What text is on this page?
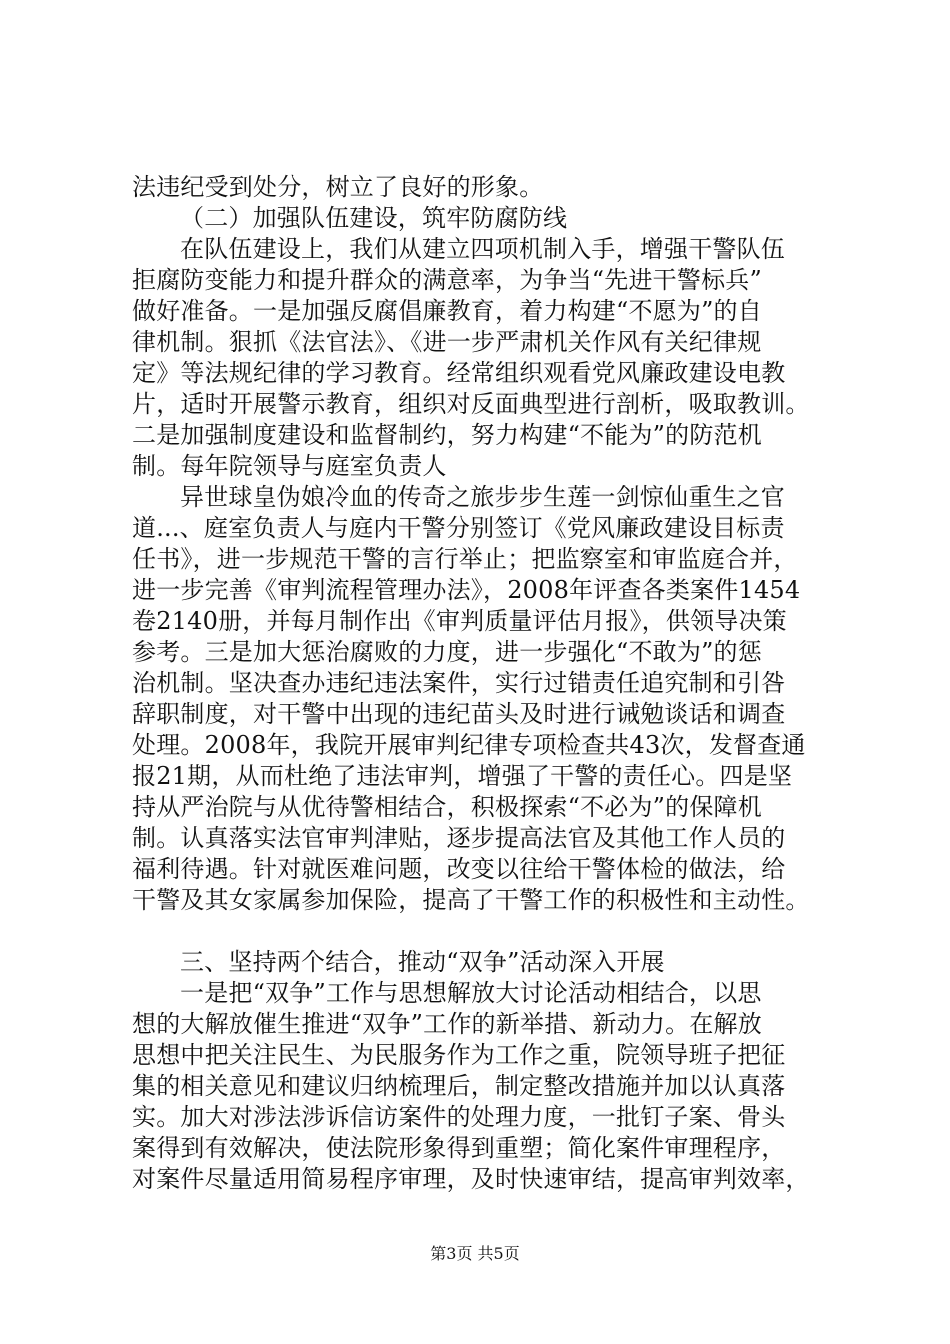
法违纪受到处分，树立了良好的形象。
（二）加强队伍建设，筑牢防腐防线
在队伍建设上，我们从建立四项机制入手，增强干警队伍
拒腐防变能力和提升群众的满意率，为争当“先进干警标兵”
做好准备。一是加强反腐倡廉教育，着力构建“不愿为”的自
律机制。狠抓《法官法》、《进一步严肃机关作风有关纪律规
定》等法规纪律的学习教育。经常组织观看党风廉政建设电教
片，适时开展警示教育，组织对反面典型进行剖析，吸取教训。
二是加强制度建设和监督制约，努力构建“不能为”的防范机
制。每年院领导与庭室负责人
异世球皇伪娘冷血的传奇之旅步步生莲一剑惊仙重生之官
道...、庭室负责人与庭内干警分别签订《党风廉政建设目标责
任书》，进一步规范干警的言行举止；把监察室和审监庭合并，
进一步完善《审判流程管理办法》，2008年评查各类案件1454
卷2140册，并每月制作出《审判质量评估月报》，供领导决策
参考。三是加大惩治腐败的力度，进一步强化“不敢为”的惩
治机制。坚决查办违纪违法案件，实行过错责任追究制和引咎
辞职制度，对干警中出现的违纪苗头及时进行诫勉谈话和调查
处理。2008年，我院开展审判纪律专项检查共43次，发督查通
报21期，从而杜绝了违法审判，增强了干警的责任心。四是坚
持从严治院与从优待警相结合，积极探索“不必为”的保障机
制。认真落实法官审判津贴，逐步提高法官及其他工作人员的
福利待遇。针对就医难问题，改变以往给干警体检的做法，给
干警及其女家属参加保险，提高了干警工作的积极性和主动性。
三、坚持两个结合，推动“双争”活动深入开展
一是把“双争”工作与思想解放大讨论活动相结合，以思
想的大解放催生推进“双争”工作的新举措、新动力。在解放
思想中把关注民生、为民服务作为工作之重，院领导班子把征
集的相关意见和建议归纳梳理后，制定整改措施并加以认真落
实。加大对涉法涉诉信访案件的处理力度，一批钉子案、骨头
案得到有效解决，使法院形象得到重塑；简化案件审理程序，
对案件尽量适用简易程序审理，及时快速审结，提高审判效率，
第3页 共5页
